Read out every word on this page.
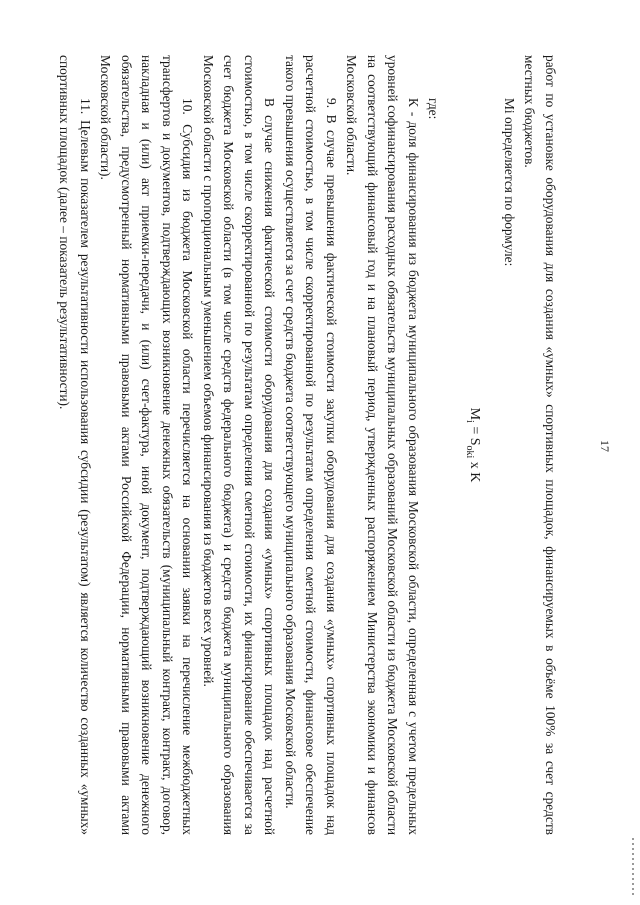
17

работ по установке оборудования для создания «умных» спортивных площадок, финансируемых в объёме 100% за счет средств местных бюджетов.

Мi определяется по формуле:

$M_i = S_{oki}$ x K

где:

К - доля финансирования из бюджета муниципального образования Московской области, определенная с учетом предельных уровней софинансирования расходных обязательств муниципальных образований Московской области из бюджета Московской области на соответствующий финансовый год и на плановый период, утвержденных распоряжением Министерства экономики и финансов Московской области.

9. В случае превышения фактической стоимости закупки оборудования для создания «умных» спортивных площадок над расчетной стоимостью, в том числе скорректированной по результатам определения сметной стоимости, финансовое обеспечение такого превышения осуществляется за счет средств бюджета соответствующего муниципального образования Московской области.

В случае снижения фактической стоимости оборудования для создания «умных» спортивных площадок над расчетной стоимостью, в том числе скорректированной по результатам определения сметной стоимости, их финансирование обеспечивается за счет бюджета Московской области (в том числе средств федерального бюджета) и средств бюджета муниципального образования Московской области с пропорциональным уменьшением объемов финансирования из бюджетов всех уровней.

10. Субсидия из бюджета Московской области перечисляется на основании заявки на перечисление межбюджетных трансфертов и документов, подтверждающих возникновение денежных обязательств (муниципальный контракт, контракт, договор, накладная и (или) акт приемки-передачи, и (или) счет-фактура, иной документ, подтверждающий возникновение денежного обязательства, предусмотренный нормативными правовыми актами Российской Федерации, нормативными правовыми актами Московской области).

11. Целевым показателем результативности использования субсидии (результатом) является количество созданных «умных» спортивных площадок (далее – показатель результативности).
